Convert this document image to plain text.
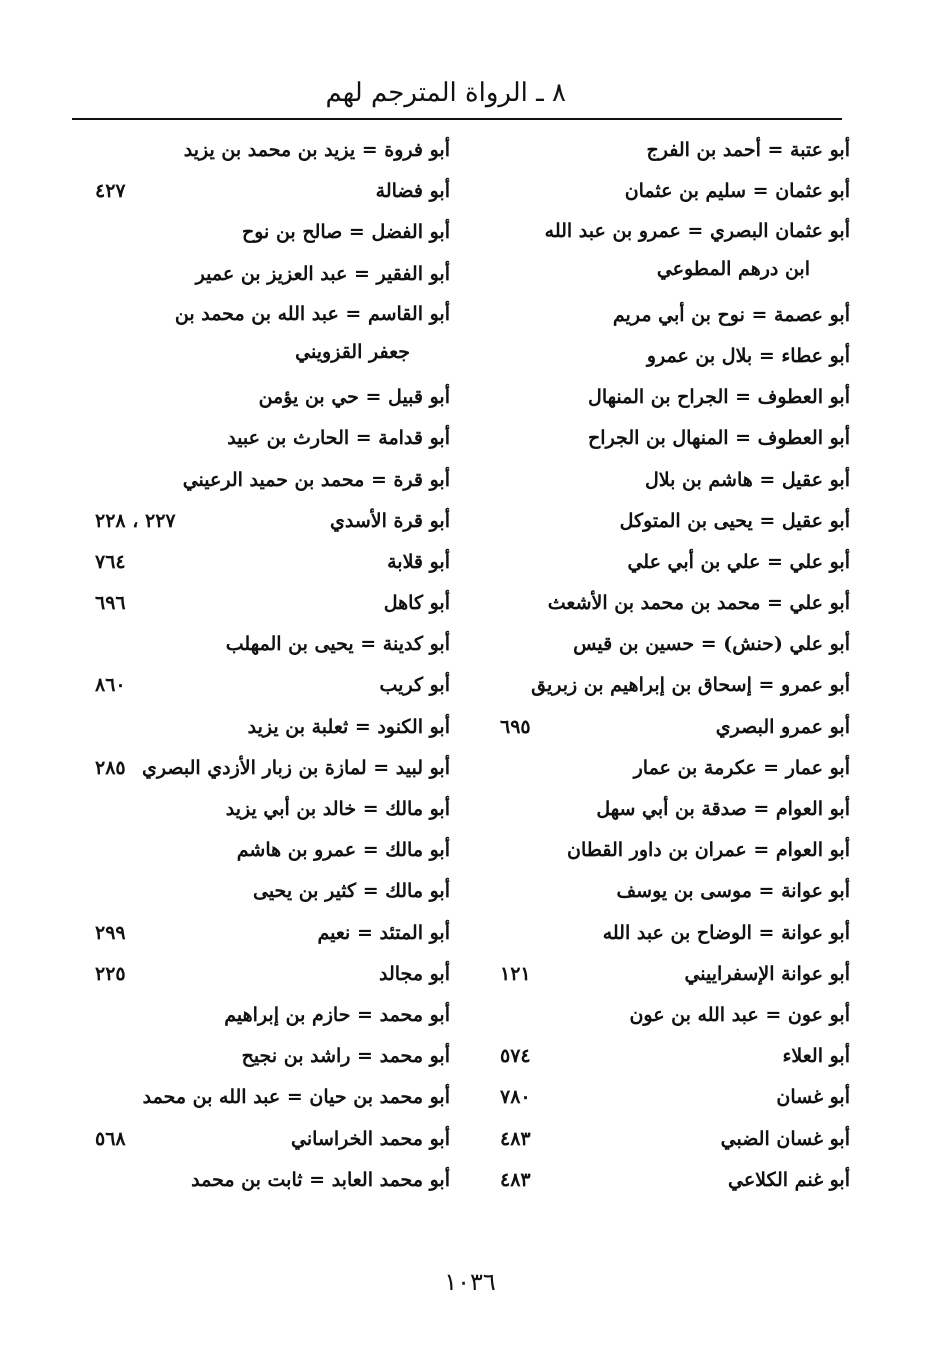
٨ ـ الرواة المترجم لهم
أبو عتبة = أحمد بن الفرج
أبو عثمان = سليم بن عثمان
أبو عثمان البصري = عمرو بن عبد الله
ابن درهم المطوعي
أبو عصمة = نوح بن أبي مريم
أبو عطاء = بلال بن عمرو
أبو العطوف = الجراح بن المنهال
أبو العطوف = المنهال بن الجراح
أبو عقيل = هاشم بن بلال
أبو عقيل = يحيى بن المتوكل
أبو علي = علي بن أبي علي
أبو علي = محمد بن محمد بن الأشعث
أبو علي (حنش) = حسين بن قيس
أبو عمرو = إسحاق بن إبراهيم بن زبريق
أبو عمرو البصري
٦٩٥
أبو عمار = عكرمة بن عمار
أبو العوام = صدقة بن أبي سهل
أبو العوام = عمران بن داور القطان
أبو عوانة = موسى بن يوسف
أبو عوانة = الوضاح بن عبد الله
أبو عوانة الإسفراييني
١٢١
أبو عون = عبد الله بن عون
أبو العلاء
٥٧٤
أبو غسان
٧٨٠
أبو غسان الضبي
٤٨٣
أبو غنم الكلاعي
٤٨٣
أبو فروة = يزيد بن محمد بن يزيد
أبو فضالة
٤٢٧
أبو الفضل = صالح بن نوح
أبو الفقير = عبد العزيز بن عمير
أبو القاسم = عبد الله بن محمد بن
جعفر القزويني
أبو قبيل = حي بن يؤمن
أبو قدامة = الحارث بن عبيد
أبو قرة = محمد بن حميد الرعيني
أبو قرة الأسدي
٢٢٧ ، ٢٢٨
أبو قلابة
٧٦٤
أبو كاهل
٦٩٦
أبو كدينة = يحيى بن المهلب
أبو كريب
٨٦٠
أبو الكنود = ثعلبة بن يزيد
أبو لبيد = لمازة بن زبار الأزدي البصري
٢٨٥
أبو مالك = خالد بن أبي يزيد
أبو مالك = عمرو بن هاشم
أبو مالك = كثير بن يحيى
أبو المتئد = نعيم
٢٩٩
أبو مجالد
٢٢٥
أبو محمد = حازم بن إبراهيم
أبو محمد = راشد بن نجيح
أبو محمد بن حيان = عبد الله بن محمد
أبو محمد الخراساني
٥٦٨
أبو محمد العابد = ثابت بن محمد
١٠٣٦
